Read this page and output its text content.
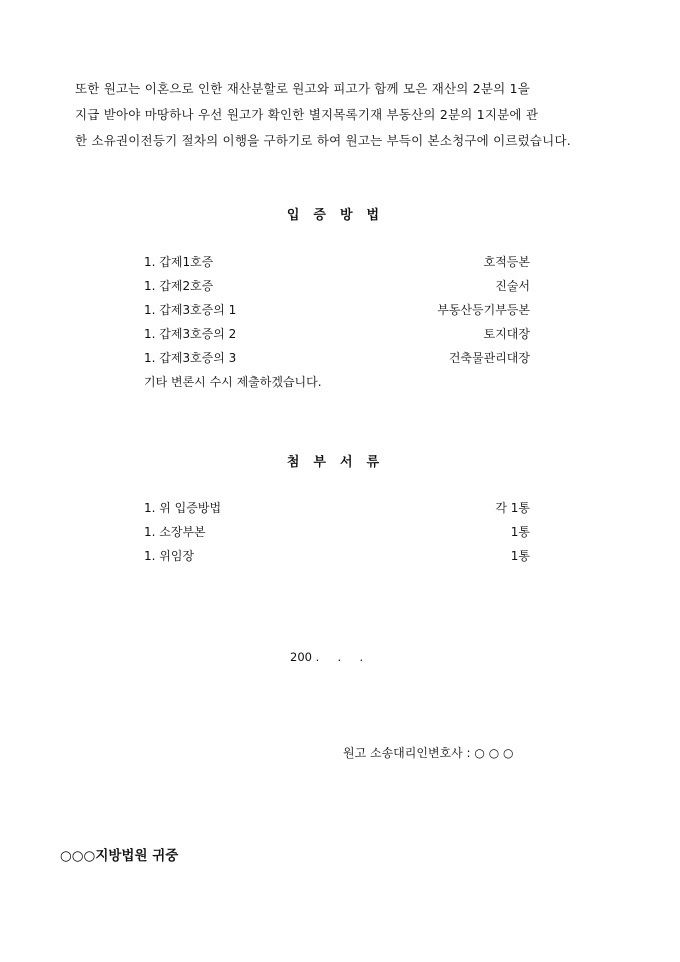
또한 원고는 이혼으로 인한 재산분할로 원고와 피고가 함께 모은 재산의 2분의 1을

지급 받아야 마땅하나 우선 원고가 확인한 별지목록기재 부동산의 2분의 1지분에 관

한 소유권이전등기 절차의 이행을 구하기로 하여 원고는 부득이 본소청구에 이르렀습니다.

입증방법
1. 갑제1호증	호적등본
1. 갑제2호증	진술서
1. 갑제3호증의 1	부동산등기부등본
1. 갑제3호증의 2	토지대장
1. 갑제3호증의 3	건축물관리대장
기타 변론시 수시 제출하겠습니다.
첨부서류
1. 위 입증방법	각 1통
1. 소장부본	1통
1. 위임장	1통
200 .     .     .
원고 소송대리인변호사 : ○ ○ ○
○○○지방법원 귀중
